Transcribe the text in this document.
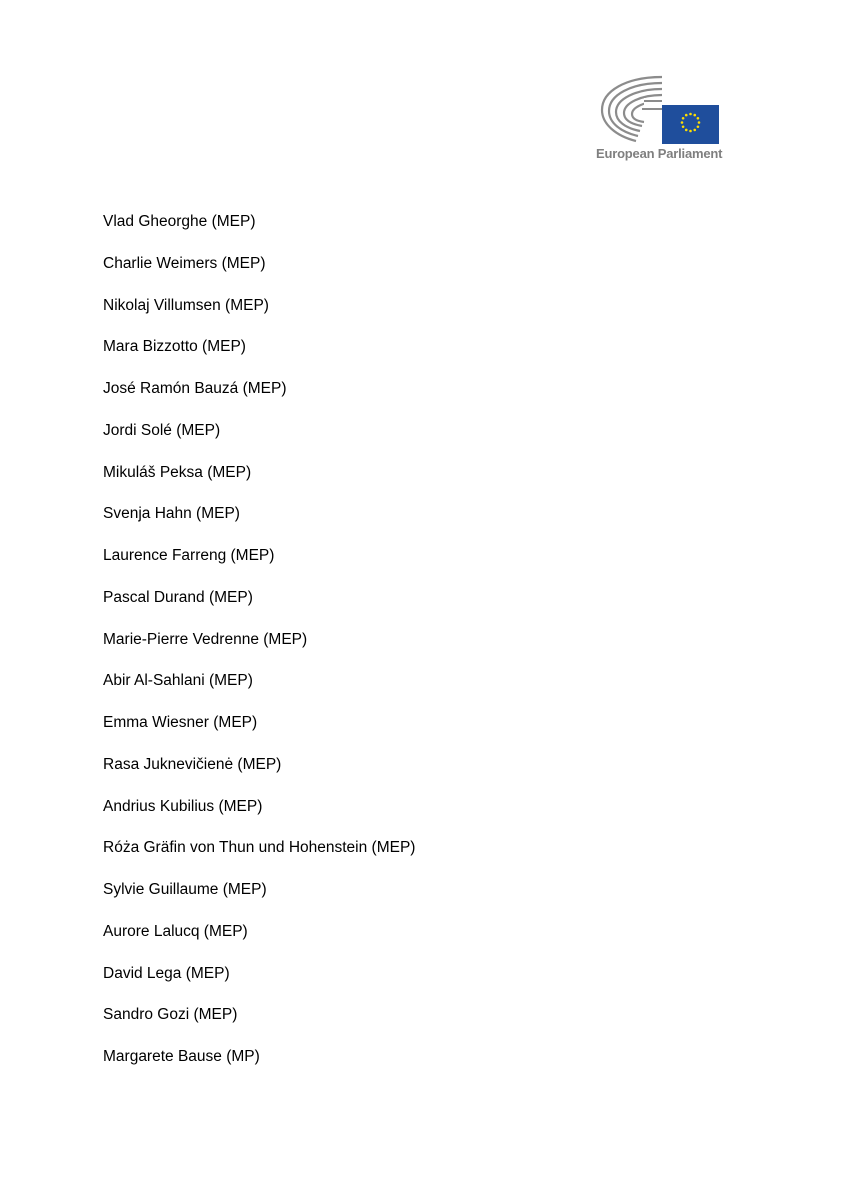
European Parliament
Vlad Gheorghe (MEP)
Charlie Weimers (MEP)
Nikolaj Villumsen (MEP)
Mara Bizzotto (MEP)
José Ramón Bauzá (MEP)
Jordi Solé (MEP)
Mikuláš Peksa (MEP)
Svenja Hahn (MEP)
Laurence Farreng (MEP)
Pascal Durand (MEP)
Marie-Pierre Vedrenne (MEP)
Abir Al-Sahlani (MEP)
Emma Wiesner (MEP)
Rasa Juknevičienė (MEP)
Andrius Kubilius (MEP)
Róża Gräfin von Thun und Hohenstein (MEP)
Sylvie Guillaume (MEP)
Aurore Lalucq (MEP)
David Lega (MEP)
Sandro Gozi (MEP)
Margarete Bause (MP)
